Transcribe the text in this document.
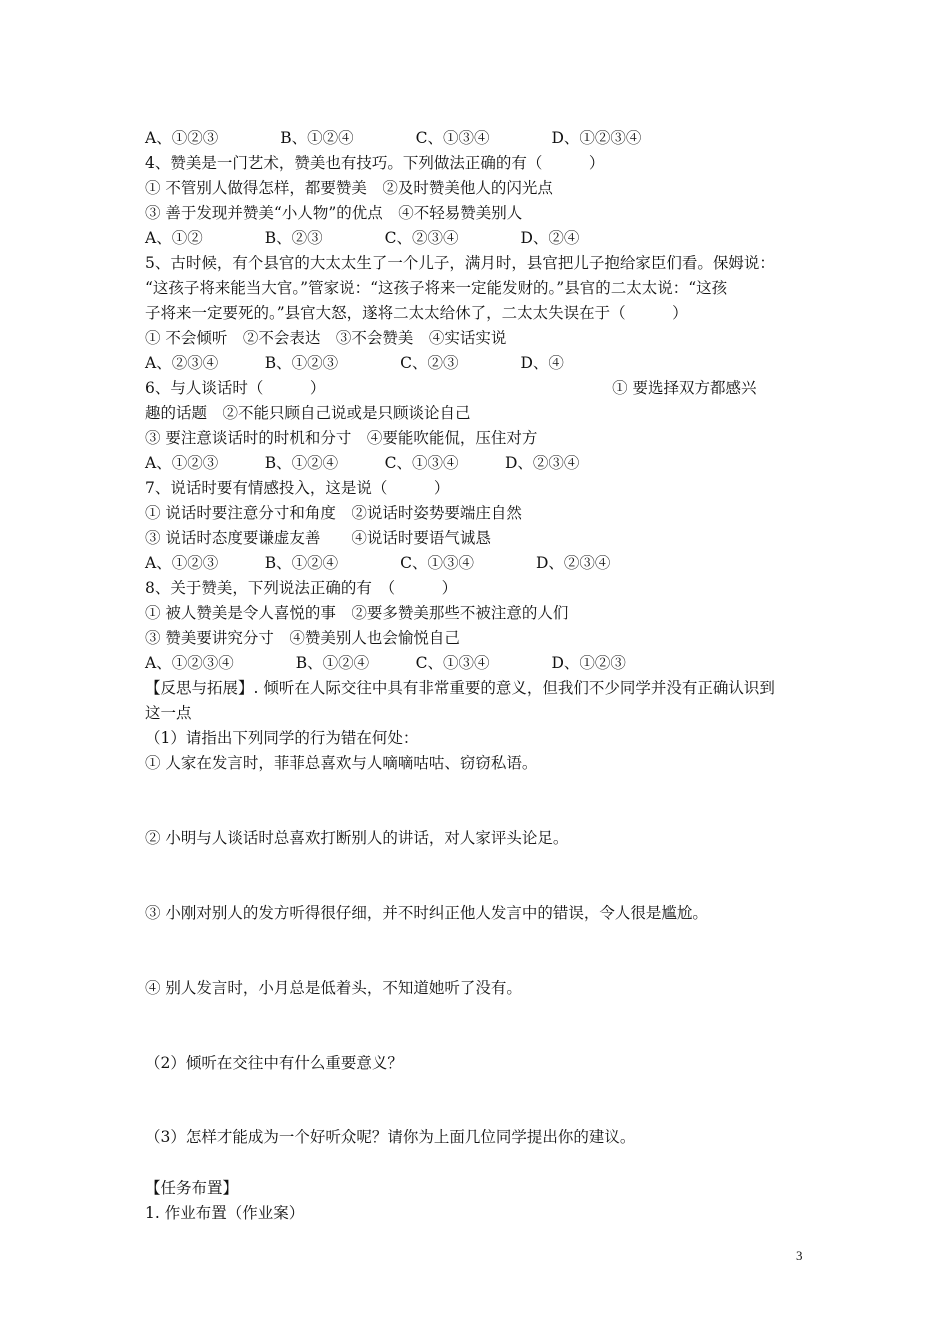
A、①②③　　　　B、①②④　　　　C、①③④　　　　D、①②③④
4、赞美是一门艺术，赞美也有技巧。下列做法正确的有（　　　）
① 不管别人做得怎样，都要赞美　②及时赞美他人的闪光点
③ 善于发现并赞美“小人物”的优点　④不轻易赞美别人
A、①②　　　　B、②③　　　　C、②③④　　　　D、②④
5、古时候，有个县官的大太太生了一个儿子，满月时，县官把儿子抱给家臣们看。保姆说：
“这孩子将来能当大官。”管家说：“这孩子将来一定能发财的。”县官的二太太说：“这孩
子将来一定要死的。”县官大怒，遂将二太太给休了，二太太失误在于（　　　）
① 不会倾听　②不会表达　③不会赞美　④实话实说
A、②③④　　　B、①②③　　　　C、②③　　　　D、④
6、与人谈话时（　　　）　　　　　　　　　　　　　　　　　　　① 要选择双方都感兴
趣的话题　②不能只顾自己说或是只顾谈论自己
③ 要注意谈话时的时机和分寸　④要能吹能侃，压住对方
A、①②③　　　B、①②④　　　C、①③④　　　D、②③④
7、说话时要有情感投入，这是说（　　　）
① 说话时要注意分寸和角度　②说话时姿势要端庄自然
③ 说话时态度要谦虚友善　　④说话时要语气诚恳
A、①②③　　　B、①②④　　　　C、①③④　　　　D、②③④
8、关于赞美，下列说法正确的有　（　　　）
① 被人赞美是令人喜悦的事　②要多赞美那些不被注意的人们
③ 赞美要讲究分寸　④赞美别人也会愉悦自己
A、①②③④　　　　B、①②④　　　C、①③④　　　　D、①②③
【反思与拓展】. 倾听在人际交往中具有非常重要的意义，但我们不少同学并没有正确认识到
这一点
（1）请指出下列同学的行为错在何处：
① 人家在发言时，菲菲总喜欢与人嘀嘀咕咕、窃窃私语。
② 小明与人谈话时总喜欢打断别人的讲话，对人家评头论足。
③ 小刚对别人的发方听得很仔细，并不时纠正他人发言中的错误，令人很是尴尬。
④ 别人发言时，小月总是低着头，不知道她听了没有。
（2）倾听在交往中有什么重要意义？
（3）怎样才能成为一个好听众呢？请你为上面几位同学提出你的建议。
【任务布置】
1. 作业布置（作业案）
3
